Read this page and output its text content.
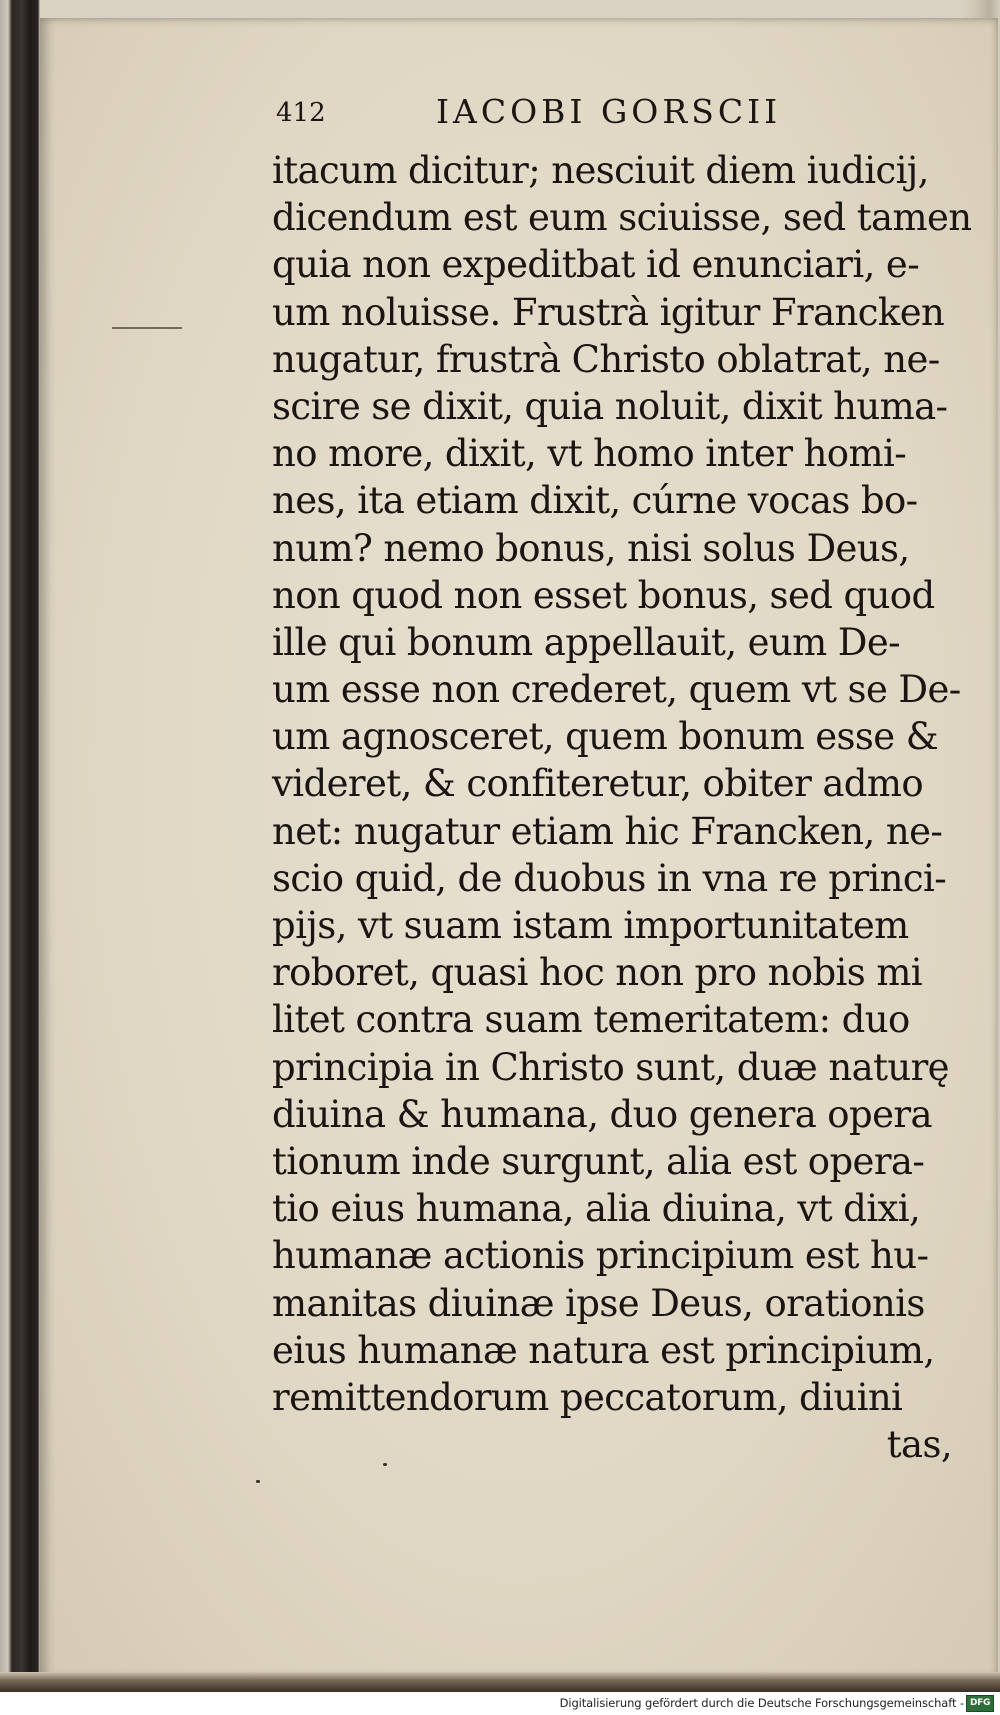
412	IACOBI GORSCII
itacum dicitur; nesciuit diem iudicij,
dicendum est eum sciuisse, sed tamen
quia non expeditbat id enunciari, e-
um noluisse. Frustrà igitur Francken
nugatur, frustrà Christo oblatrat, ne-
scire se dixit, quia noluit, dixit huma-
no more, dixit, vt homo inter homi-
nes, ita etiam dixit, cúrne vocas bo-
num? nemo bonus, nisi solus Deus,
non quod non esset bonus, sed quod
ille qui bonum appellauit, eum De-
um esse non crederet, quem vt se De-
um agnosceret, quem bonum esse &
videret, & confiteretur, obiter admo
net: nugatur etiam hic Francken, ne-
scio quid, de duobus in vna re princi-
pijs, vt suam istam importunitatem
roboret, quasi hoc non pro nobis mi
litet contra suam temeritatem: duo
principia in Christo sunt, duæ naturę
diuina & humana, duo genera opera
tionum inde surgunt, alia est opera-
tio eius humana, alia diuina, vt dixi,
humanæ actionis principium est hu-
manitas diuinæ ipse Deus, orationis
eius humanæ natura est principium,
remittendorum peccatorum, diuini
tas,
Digitalisierung gefördert durch die Deutsche Forschungsgemeinschaft - DFG
